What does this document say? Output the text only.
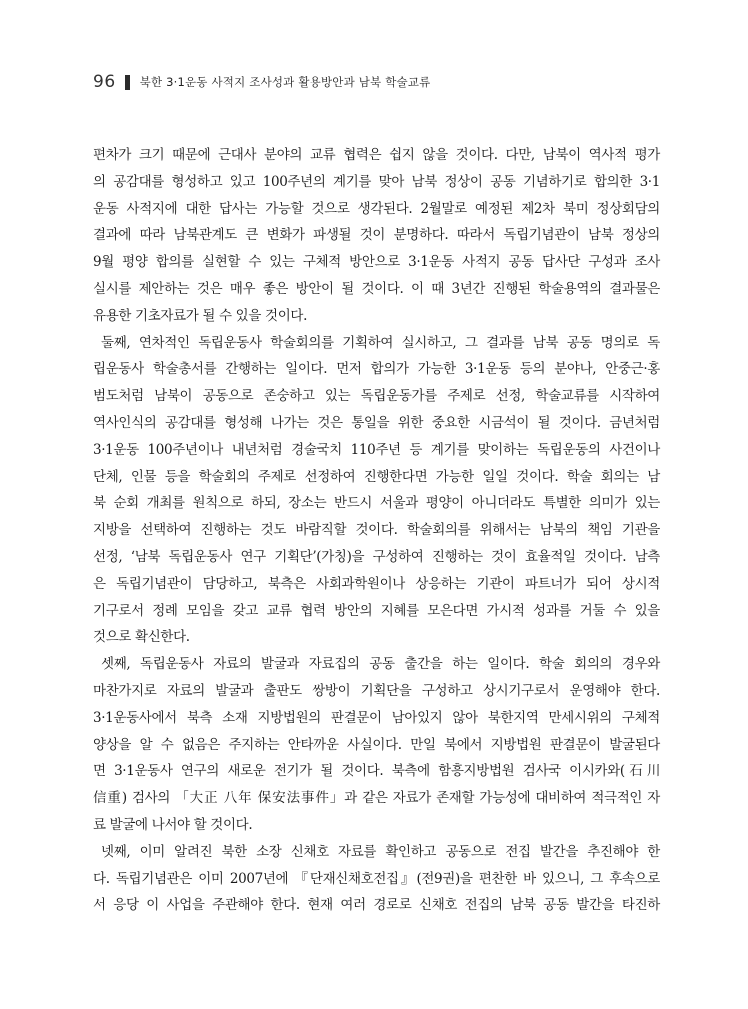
96 북한 3·1운동 사적지 조사성과 활용방안과 남북 학술교류
편차가 크기 때문에 근대사 분야의 교류 협력은 쉽지 않을 것이다. 다만, 남북이 역사적 평가
의 공감대를 형성하고 있고 100주년의 계기를 맞아 남북 정상이 공동 기념하기로 합의한 3·1
운동 사적지에 대한 답사는 가능할 것으로 생각된다. 2월말로 예정된 제2차 북미 정상회담의
결과에 따라 남북관계도 큰 변화가 파생될 것이 분명하다. 따라서 독립기념관이 남북 정상의
9월 평양 합의를 실현할 수 있는 구체적 방안으로 3·1운동 사적지 공동 답사단 구성과 조사
실시를 제안하는 것은 매우 좋은 방안이 될 것이다. 이 때 3년간 진행된 학술용역의 결과물은
유용한 기초자료가 될 수 있을 것이다.
둘째, 연차적인 독립운동사 학술회의를 기획하여 실시하고, 그 결과를 남북 공동 명의로 독
립운동사 학술총서를 간행하는 일이다. 먼저 합의가 가능한 3·1운동 등의 분야나, 안중근·홍
범도처럼 남북이 공동으로 존숭하고 있는 독립운동가를 주제로 선정, 학술교류를 시작하여
역사인식의 공감대를 형성해 나가는 것은 통일을 위한 중요한 시금석이 될 것이다. 금년처럼
3·1운동 100주년이나 내년처럼 경술국치 110주년 등 계기를 맞이하는 독립운동의 사건이나
단체, 인물 등을 학술회의 주제로 선정하여 진행한다면 가능한 일일 것이다. 학술 회의는 남
북 순회 개최를 원칙으로 하되, 장소는 반드시 서울과 평양이 아니더라도 특별한 의미가 있는
지방을 선택하여 진행하는 것도 바람직할 것이다. 학술회의를 위해서는 남북의 책임 기관을
선정, ‘남북 독립운동사 연구 기획단’(가칭)을 구성하여 진행하는 것이 효율적일 것이다. 남측
은 독립기념관이 담당하고, 북측은 사회과학원이나 상응하는 기관이 파트너가 되어 상시적
기구로서 정례 모임을 갖고 교류 협력 방안의 지혜를 모은다면 가시적 성과를 거둘 수 있을
것으로 확신한다.
셋째, 독립운동사 자료의 발굴과 자료집의 공동 출간을 하는 일이다. 학술 회의의 경우와
마찬가지로 자료의 발굴과 출판도 쌍방이 기획단을 구성하고 상시기구로서 운영해야 한다.
3·1운동사에서 북측 소재 지방법원의 판결문이 남아있지 않아 북한지역 만세시위의 구체적
양상을 알 수 없음은 주지하는 안타까운 사실이다. 만일 북에서 지방법원 판결문이 발굴된다
면 3·1운동사 연구의 새로운 전기가 될 것이다. 북측에 함흥지방법원 검사국 이시카와(石川
信重) 검사의 「大正 八年 保安法事件」과 같은 자료가 존재할 가능성에 대비하여 적극적인 자
료 발굴에 나서야 할 것이다.
넷째, 이미 알려진 북한 소장 신채호 자료를 확인하고 공동으로 전집 발간을 추진해야 한
다. 독립기념관은 이미 2007년에 『단재신채호전집』(전9권)을 편찬한 바 있으니, 그 후속으로
서 응당 이 사업을 주관해야 한다. 현재 여러 경로로 신채호 전집의 남북 공동 발간을 타진하
